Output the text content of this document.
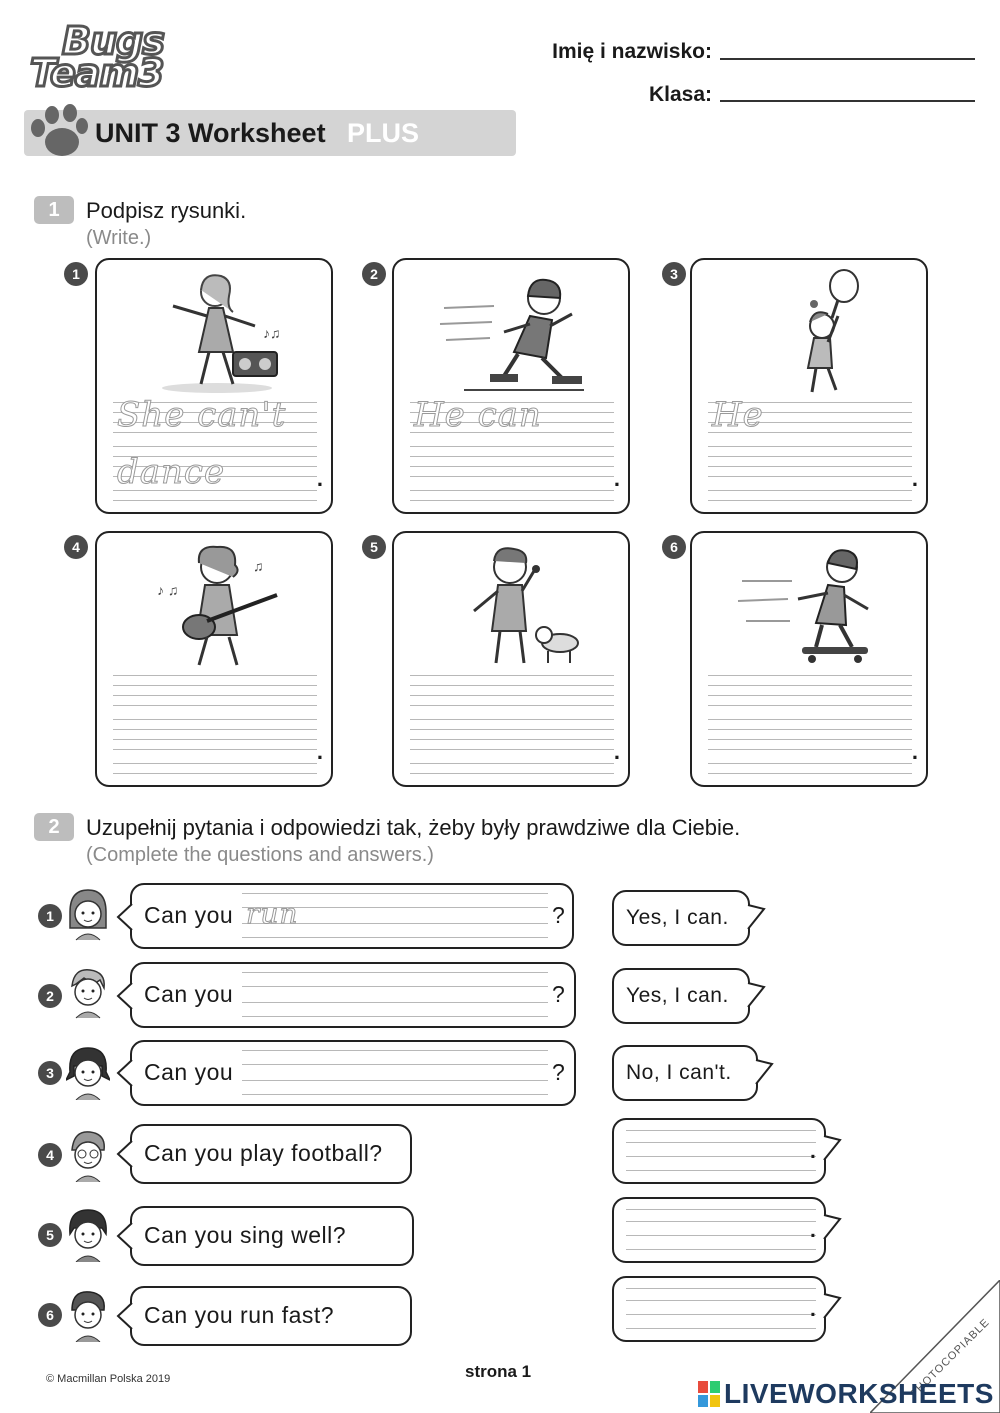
Bugs
Team3	Imię i nazwisko:
Klasa:
UNIT 3 Worksheet PLUS
1	Podpisz rysunki.
(Write.)
1
♪♫
She can't
dance	.
2
He can
.
3
He
.
4
♪ ♫
♫
.
5
.
6
.
2	Uzupełnij pytania i odpowiedzi tak, żeby były prawdziwe dla Ciebie.
(Complete the questions and answers.)
1	Can you run	?	Yes, I can.
2	Can you	?	Yes, I can.
3	Can you	?	No, I can't.
4	Can you play football?	.
5	Can you sing well?	.
6	Can you run fast?	.
© Macmillan Polska 2019	strona 1	PHOTOCOPIABLE
LIVEWORKSHEETS
